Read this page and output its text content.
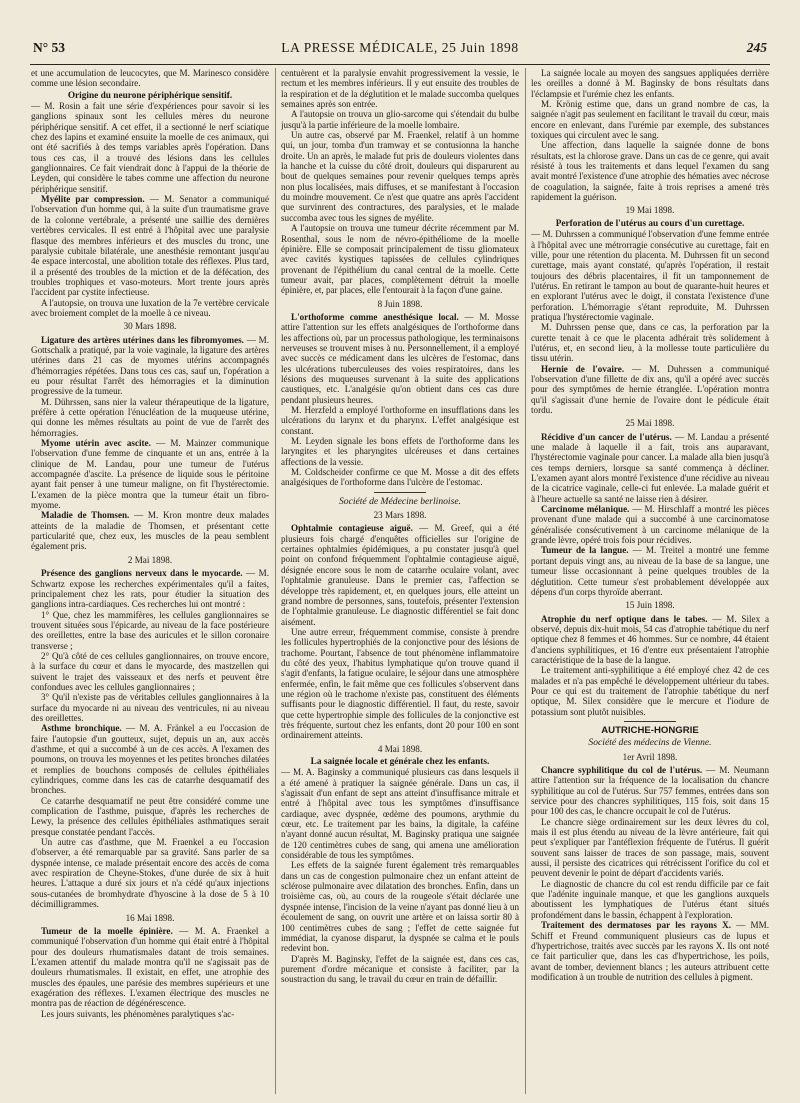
N° 53	LA PRESSE MÉDICALE, 25 Juin 1898	245

et une accumulation de leucocytes, que M. Marinesco considère comme une lésion secondaire.

Origine du neurone périphérique sensitif.

— M. Rosin a fait une série d'expériences pour savoir si les ganglions spinaux sont les cellules mères du neurone périphérique sensitif. A cet effet, il a sectionné le nerf sciatique chez des lapins et examiné ensuite la moelle de ces animaux, qui ont été sacrifiés à des temps variables après l'opération. Dans tous ces cas, il a trouvé des lésions dans les cellules ganglionnaires. Ce fait viendrait donc à l'appui de la théorie de Leyden, qui considère le tabes comme une affection du neurone périphérique sensitif.

Myélite par compression. — M. Senator a communiqué l'observation d'un homme qui, à la suite d'un traumatisme grave de la colonne vertébrale, a présenté une saillie des dernières vertèbres cervicales. Il est entré à l'hôpital avec une paralysie flasque des membres inférieurs et des muscles du tronc, une paralysie cubitale bilatérale, une anesthésie remontant jusqu'au 4e espace intercostal, une abolition totale des réflexes. Plus tard, il a présenté des troubles de la miction et de la défécation, des troubles trophiques et vaso-moteurs. Mort trente jours après l'accident par cystite infectieuse.

A l'autopsie, on trouva une luxation de la 7e vertèbre cervicale avec broiement complet de la moelle à ce niveau.

30 Mars 1898.

Ligature des artères utérines dans les fibromyomes. — M. Gottschalk a pratiqué, par la voie vaginale, la ligature des artères utérines dans 21 cas de myomes utérins accompagnés d'hémorragies répétées. Dans tous ces cas, sauf un, l'opération a eu pour résultat l'arrêt des hémorragies et la diminution progressive de la tumeur.

M. Dührssen, sans nier la valeur thérapeutique de la ligature, préfère à cette opération l'énucléation de la muqueuse utérine, qui donne les mêmes résultats au point de vue de l'arrêt des hémorragies.

Myome utérin avec ascite. — M. Mainzer communique l'observation d'une femme de cinquante et un ans, entrée à la clinique de M. Landau, pour une tumeur de l'utérus accompagnée d'ascite. La présence de liquide sous le péritoine ayant fait penser à une tumeur maligne, on fit l'hystérectomie. L'examen de la pièce montra que la tumeur était un fibro-myome.

Maladie de Thomsen. — M. Kron montre deux malades atteints de la maladie de Thomsen, et présentant cette particularité que, chez eux, les muscles de la peau semblent également pris.

2 Mai 1898.

Présence des ganglions nerveux dans le myocarde. — M. Schwartz expose les recherches expérimentales qu'il a faites, principalement chez les rats, pour étudier la situation des ganglions intra-cardiaques. Ces recherches lui ont montré :

1° Que, chez les mammifères, les cellules ganglionnaires se trouvent situées sous l'épicarde, au niveau de la face postérieure des oreillettes, entre la base des auricules et le sillon coronaire transverse ;

2° Qu'à côté de ces cellules ganglionnaires, on trouve encore, à la surface du cœur et dans le myocarde, des mastzellen qui suivent le trajet des vaisseaux et des nerfs et peuvent être confondues avec les cellules ganglionnaires ;

3° Qu'il n'existe pas de véritables cellules ganglionnaires à la surface du myocarde ni au niveau des ventricules, ni au niveau des oreillettes.

Asthme bronchique. — M. A. Fränkel a eu l'occasion de faire l'autopsie d'un goutteux, sujet, depuis un an, aux accès d'asthme, et qui a succombé à un de ces accès. A l'examen des poumons, on trouva les moyennes et les petites bronches dilatées et remplies de bouchons composés de cellules épithéliales cylindriques, comme dans les cas de catarrhe desquamatif des bronches.

Ce catarrhe desquamatif ne peut être considéré comme une complication de l'asthme, puisque, d'après les recherches de Lewy, la présence des cellules épithéliales asthmatiques serait presque constatée pendant l'accès.

Un autre cas d'asthme, que M. Fraenkel a eu l'occasion d'observer, a été remarquable par sa gravité. Sans parler de sa dyspnée intense, ce malade présentait encore des accès de coma avec respiration de Cheyne-Stokes, d'une durée de six à huit heures. L'attaque a duré six jours et n'a cédé qu'aux injections sous-cutanées de bromhydrate d'hyoscine à la dose de 5 à 10 décimilligrammes.

16 Mai 1898.

Tumeur de la moelle épinière. — M. A. Fraenkel a communiqué l'observation d'un homme qui était entré à l'hôpital pour des douleurs rhumatismales datant de trois semaines. L'examen attentif du malade montra qu'il ne s'agissait pas de douleurs rhumatismales. Il existait, en effet, une atrophie des muscles des épaules, une parésie des membres supérieurs et une exagération des réflexes. L'examen électrique des muscles ne montra pas de réaction de dégénérescence.

Les jours suivants, les phénomènes paralytiques s'ac-

centuèrent et la paralysie envahit progressivement la vessie, le rectum et les membres inférieurs. Il y eut ensuite des troubles de la respiration et de la déglutition et le malade succomba quelques semaines après son entrée.

A l'autopsie on trouva un glio-sarcome qui s'étendait du bulbe jusqu'à la partie inférieure de la moelle lombaire.

Un autre cas, observé par M. Fraenkel, relatif à un homme qui, un jour, tomba d'un tramway et se contusionna la hanche droite. Un an après, le malade fut pris de douleurs violentes dans la hanche et la cuisse du côté droit, douleurs qui disparurent au bout de quelques semaines pour revenir quelques temps après non plus localisées, mais diffuses, et se manifestant à l'occasion du moindre mouvement. Ce n'est que quatre ans après l'accident que survinrent des contractures, des paralysies, et le malade succomba avec tous les signes de myélite.

A l'autopsie on trouva une tumeur décrite récemment par M. Rosenthal, sous le nom de névro-épithéliome de la moelle épinière. Elle se composait principalement de tissu gliomateux avec cavités kystiques tapissées de cellules cylindriques provenant de l'épithélium du canal central de la moelle. Cette tumeur avait, par places, complètement détruit la moelle épinière, et, par places, elle l'entourait à la façon d'une gaine.

8 Juin 1898.

L'orthoforme comme anesthésique local. — M. Mosse attire l'attention sur les effets analgésiques de l'orthoforme dans les affections où, par un processus pathologique, les terminaisons nerveuses se trouvent mises à nu. Personnellement, il a employé avec succès ce médicament dans les ulcères de l'estomac, dans les ulcérations tuberculeuses des voies respiratoires, dans les lésions des muqueuses survenant à la suite des applications caustiques, etc. L'analgésie qu'on obtient dans ces cas dure pendant plusieurs heures.

M. Herzfeld a employé l'orthoforme en insufflations dans les ulcérations du larynx et du pharynx. L'effet analgésique est constant.

M. Leyden signale les bons effets de l'orthoforme dans les laryngites et les pharyngites ulcéreuses et dans certaines affections de la vessie.

M. Coldscheider confirme ce que M. Mosse a dit des effets analgésiques de l'orthoforme dans l'ulcère de l'estomac.

Société de Médecine berlinoise.

23 Mars 1898.

Ophtalmie contagieuse aiguë. — M. Greef, qui a été plusieurs fois chargé d'enquêtes officielles sur l'origine de certaines ophtalmies épidémiques, a pu constater jusqu'à quel point on confond fréquemment l'ophtalmie contagieuse aiguë, désignée encore sous le nom de catarrhe oculaire volant, avec l'ophtalmie granuleuse. Dans le premier cas, l'affection se développe très rapidement, et, en quelques jours, elle atteint un grand nombre de personnes, sans, toutefois, présenter l'extension de l'ophtalmie granuleuse. Le diagnostic différentiel se fait donc aisément.

Une autre erreur, fréquemment commise, consiste à prendre les follicules hypertrophiés de la conjonctive pour des lésions de trachome. Pourtant, l'absence de tout phénomène inflammatoire du côté des yeux, l'habitus lymphatique qu'on trouve quand il s'agit d'enfants, la fatigue oculaire, le séjour dans une atmosphère enfermée, enfin, le fait même que ces follicules s'observent dans une région où le trachome n'existe pas, constituent des éléments suffisants pour le diagnostic différentiel. Il faut, du reste, savoir que cette hypertrophie simple des follicules de la conjonctive est très fréquente, surtout chez les enfants, dont 20 pour 100 en sont ordinairement atteints.

4 Mai 1898.

La saignée locale et générale chez les enfants.

— M. A. Baginsky a communiqué plusieurs cas dans lesquels il a été amené à pratiquer la saignée générale. Dans un cas, il s'agissait d'un enfant de sept ans atteint d'insuffisance mitrale et entré à l'hôpital avec tous les symptômes d'insuffisance cardiaque, avec dyspnée, œdème des poumons, arythmie du cœur, etc. Le traitement par les bains, la digitale, la caféine n'ayant donné aucun résultat, M. Baginsky pratiqua une saignée de 120 centimètres cubes de sang, qui amena une amélioration considérable de tous les symptômes.

Les effets de la saignée furent également très remarquables dans un cas de congestion pulmonaire chez un enfant atteint de sclérose pulmonaire avec dilatation des bronches. Enfin, dans un troisième cas, où, au cours de la rougeole s'était déclarée une dyspnée intense, l'incision de la veine n'ayant pas donné lieu à un écoulement de sang, on ouvrit une artère et on laissa sortir 80 à 100 centimètres cubes de sang ; l'effet de cette saignée fut immédiat, la cyanose disparut, la dyspnée se calma et le pouls redevint bon.

D'après M. Baginsky, l'effet de la saignée est, dans ces cas, purement d'ordre mécanique et consiste à faciliter, par la soustraction du sang, le travail du cœur en train de défaillir.

La saignée locale au moyen des sangsues appliquées derrière les oreilles a donné à M. Baginsky de bons résultats dans l'éclampsie et l'urémie chez les enfants.

M. Krönig estime que, dans un grand nombre de cas, la saignée n'agit pas seulement en facilitant le travail du cœur, mais encore en enlevant, dans l'urémie par exemple, des substances toxiques qui circulent avec le sang.

Une affection, dans laquelle la saignée donne de bons résultats, est la chlorose grave. Dans un cas de ce genre, qui avait résisté à tous les traitements et dans lequel l'examen du sang avait montré l'existence d'une atrophie des hématies avec nécrose de coagulation, la saignée, faite à trois reprises a amené très rapidement la guérison.

19 Mai 1898.

Perforation de l'utérus au cours d'un curettage.

— M. Duhrssen a communiqué l'observation d'une femme entrée à l'hôpital avec une métrorragie consécutive au curettage, fait en ville, pour une rétention du placenta. M. Duhrssen fit un second curettage, mais ayant constaté, qu'après l'opération, il restait toujours des débris placentaires, il fit un tamponnement de l'utérus. En retirant le tampon au bout de quarante-huit heures et en explorant l'utérus avec le doigt, il constata l'existence d'une perforation. L'hémorragie s'étant reproduite, M. Duhrssen pratiqua l'hystérectomie vaginale.

M. Duhrssen pense que, dans ce cas, la perforation par la curette tenait à ce que le placenta adhérait très solidement à l'utérus, et, en second lieu, à la mollesse toute particulière du tissu utérin.

Hernie de l'ovaire. — M. Duhrssen a communiqué l'observation d'une fillette de dix ans, qu'il a opéré avec succès pour des symptômes de hernie étranglée. L'opération montra qu'il s'agissait d'une hernie de l'ovaire dont le pédicule était tordu.

25 Mai 1898.

Récidive d'un cancer de l'utérus. — M. Landau a présenté une malade à laquelle il a fait, trois ans auparavant, l'hystérectomie vaginale pour cancer. La malade alla bien jusqu'à ces temps derniers, lorsque sa santé commença à décliner. L'examen ayant alors montré l'existence d'une récidive au niveau de la cicatrice vaginale, celle-ci fut enlevée. La malade guérit et à l'heure actuelle sa santé ne laisse rien à désirer.

Carcinome mélanique. — M. Hirschlaff a montré les pièces provenant d'une malade qui a succombé à une carcinomatose généralisée consécutivement à un carcinome mélanique de la grande lèvre, opéré trois fois pour récidives.

Tumeur de la langue. — M. Treitel a montré une femme portant depuis vingt ans, au niveau de la base de sa langue, une tumeur lisse occasionnant à peine quelques troubles de la déglutition. Cette tumeur s'est probablement développée aux dépens d'un corps thyroïde aberrant.

15 Juin 1898.

Atrophie du nerf optique dans le tabes. — M. Silex a observé, depuis dix-huit mois, 54 cas d'atrophie tabétique du nerf optique chez 8 femmes et 46 hommes. Sur ce nombre, 44 étaient d'anciens syphilitiques, et 16 d'entre eux présentaient l'atrophie caractéristique de la base de la langue.

Le traitement anti-syphilitique a été employé chez 42 de ces malades et n'a pas empêché le développement ultérieur du tabes. Pour ce qui est du traitement de l'atrophie tabétique du nerf optique, M. Silex considère que le mercure et l'iodure de potassium sont plutôt nuisibles.

AUTRICHE-HONGRIE

Société des médecins de Vienne.

1er Avril 1898.

Chancre syphilitique du col de l'utérus. — M. Neumann attire l'attention sur la fréquence de la localisation du chancre syphilitique au col de l'utérus. Sur 757 femmes, entrées dans son service pour des chancres syphilitiques, 115 fois, soit dans 15 pour 100 des cas, le chancre occupait le col de l'utérus.

Le chancre siège ordinairement sur les deux lèvres du col, mais il est plus étendu au niveau de la lèvre antérieure, fait qui peut s'expliquer par l'antéflexion fréquente de l'utérus. Il guérit souvent sans laisser de traces de son passage, mais, souvent aussi, il persiste des cicatrices qui rétrécissent l'orifice du col et peuvent devenir le point de départ d'accidents variés.

Le diagnostic de chancre du col est rendu difficile par ce fait que l'adénite inguinale manque, et que les ganglions auxquels aboutissent les lymphatiques de l'utérus étant situés profondément dans le bassin, échappent à l'exploration.

Traitement des dermatoses par les rayons X. — MM. Schiff et Freund communiquent plusieurs cas de lupus et d'hypertrichose, traités avec succès par les rayons X. Ils ont noté ce fait particulier que, dans les cas d'hypertrichose, les poils, avant de tomber, deviennent blancs ; les auteurs attribuent cette modification à un trouble de nutrition des cellules à pigment.
